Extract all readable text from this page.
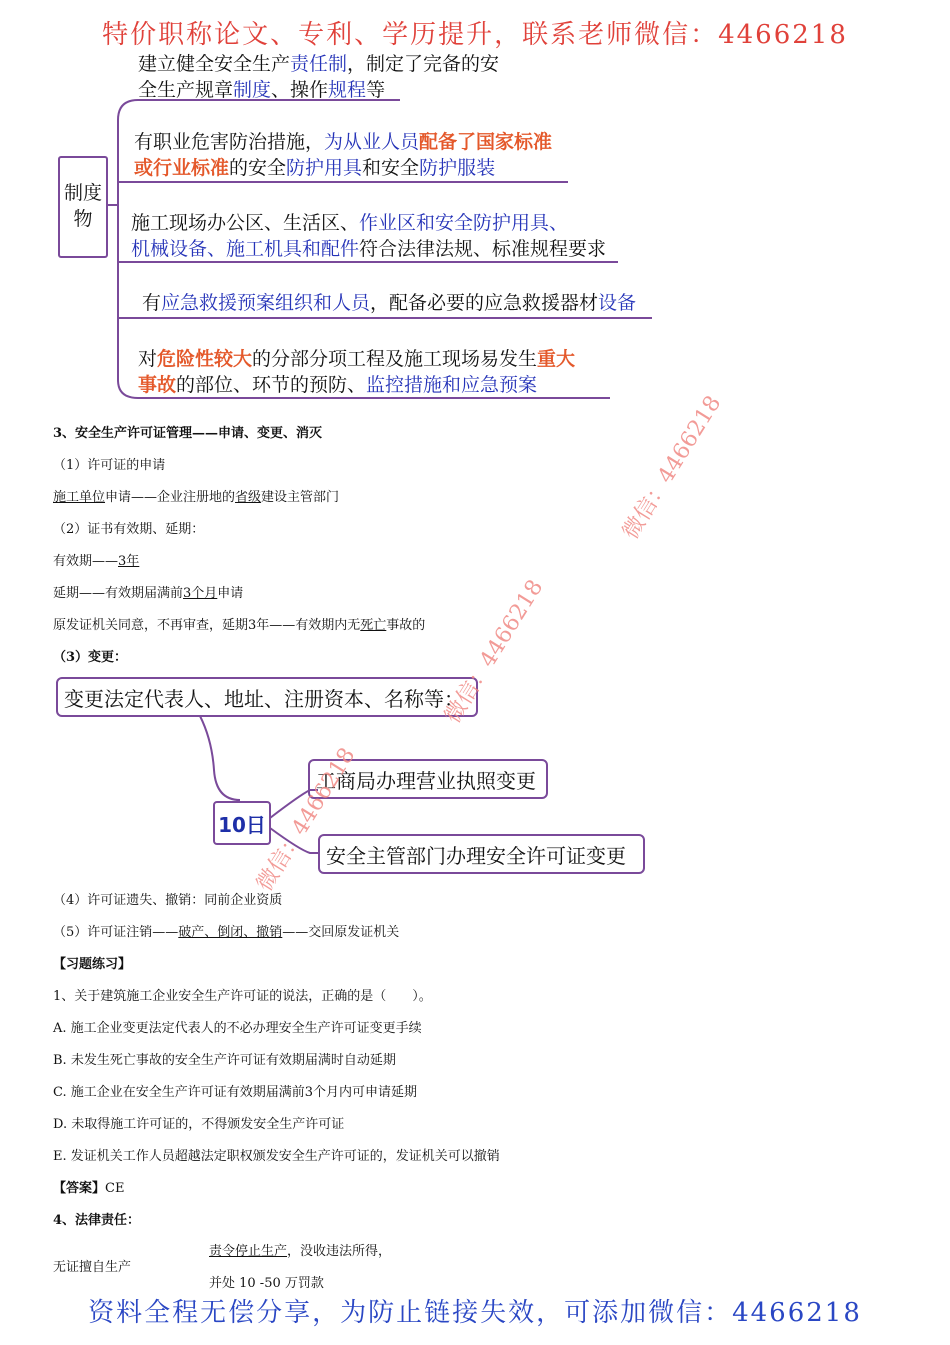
特价职称论文、专利、学历提升，联系老师微信：4466218
制度
物
建立健全安全生产责任制，制定了完备的安
全生产规章制度、操作规程等
有职业危害防治措施，为从业人员配备了国家标准
或行业标准的安全防护用具和安全防护服装
施工现场办公区、生活区、作业区和安全防护用具、
机械设备、施工机具和配件符合法律法规、标准规程要求
有应急救援预案组织和人员，配备必要的应急救援器材设备
对危险性较大的分部分项工程及施工现场易发生重大
事故的部位、环节的预防、监控措施和应急预案
3、安全生产许可证管理——申请、变更、消灭
（1）许可证的申请
施工单位申请——企业注册地的省级建设主管部门
（2）证书有效期、延期：
有效期——3年
延期——有效期届满前3个月申请
原发证机关同意，不再审查，延期3年——有效期内无死亡事故的
（3）变更：
变更法定代表人、地址、注册资本、名称等：
10日
工商局办理营业执照变更
安全主管部门办理安全许可证变更
（4）许可证遗失、撤销：同前企业资质
（5）许可证注销——破产、倒闭、撤销——交回原发证机关
【习题练习】
1、关于建筑施工企业安全生产许可证的说法，正确的是（　　）。
A. 施工企业变更法定代表人的不必办理安全生产许可证变更手续
B. 未发生死亡事故的安全生产许可证有效期届满时自动延期
C. 施工企业在安全生产许可证有效期届满前3个月内可申请延期
D. 未取得施工许可证的，不得颁发安全生产许可证
E. 发证机关工作人员超越法定职权颁发安全生产许可证的，发证机关可以撤销
【答案】CE
4、法律责任：
无证擅自生产
责令停止生产，没收违法所得，
并处 10 -50 万罚款
微信：4466218
微信：4466218
微信：4466218
资料全程无偿分享，为防止链接失效，可添加微信：4466218
